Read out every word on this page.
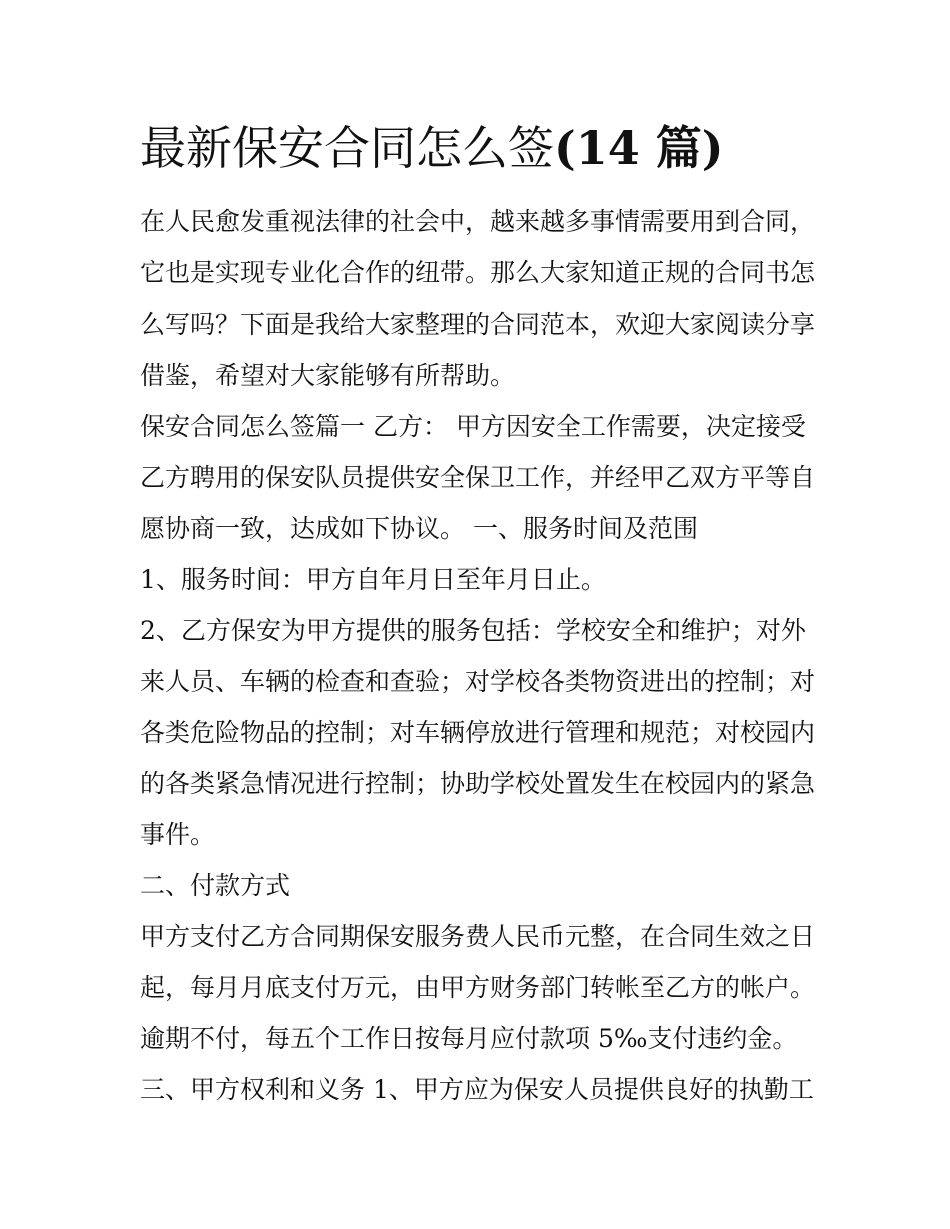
最新保安合同怎么签(14 篇)

在人民愈发重视法律的社会中，越来越多事情需要用到合同，

它也是实现专业化合作的纽带。那么大家知道正规的合同书怎

么写吗？下面是我给大家整理的合同范本，欢迎大家阅读分享

借鉴，希望对大家能够有所帮助。

保安合同怎么签篇一 乙方： 甲方因安全工作需要，决定接受

乙方聘用的保安队员提供安全保卫工作，并经甲乙双方平等自

愿协商一致，达成如下协议。 一、服务时间及范围

1、服务时间：甲方自年月日至年月日止。

2、乙方保安为甲方提供的服务包括：学校安全和维护；对外

来人员、车辆的检查和查验；对学校各类物资进出的控制；对

各类危险物品的控制；对车辆停放进行管理和规范；对校园内

的各类紧急情况进行控制；协助学校处置发生在校园内的紧急

事件。

二、付款方式

甲方支付乙方合同期保安服务费人民币元整，在合同生效之日

起，每月月底支付万元，由甲方财务部门转帐至乙方的帐户。

逾期不付，每五个工作日按每月应付款项 5‰支付违约金。

三、甲方权利和义务 1、甲方应为保安人员提供良好的执勤工
